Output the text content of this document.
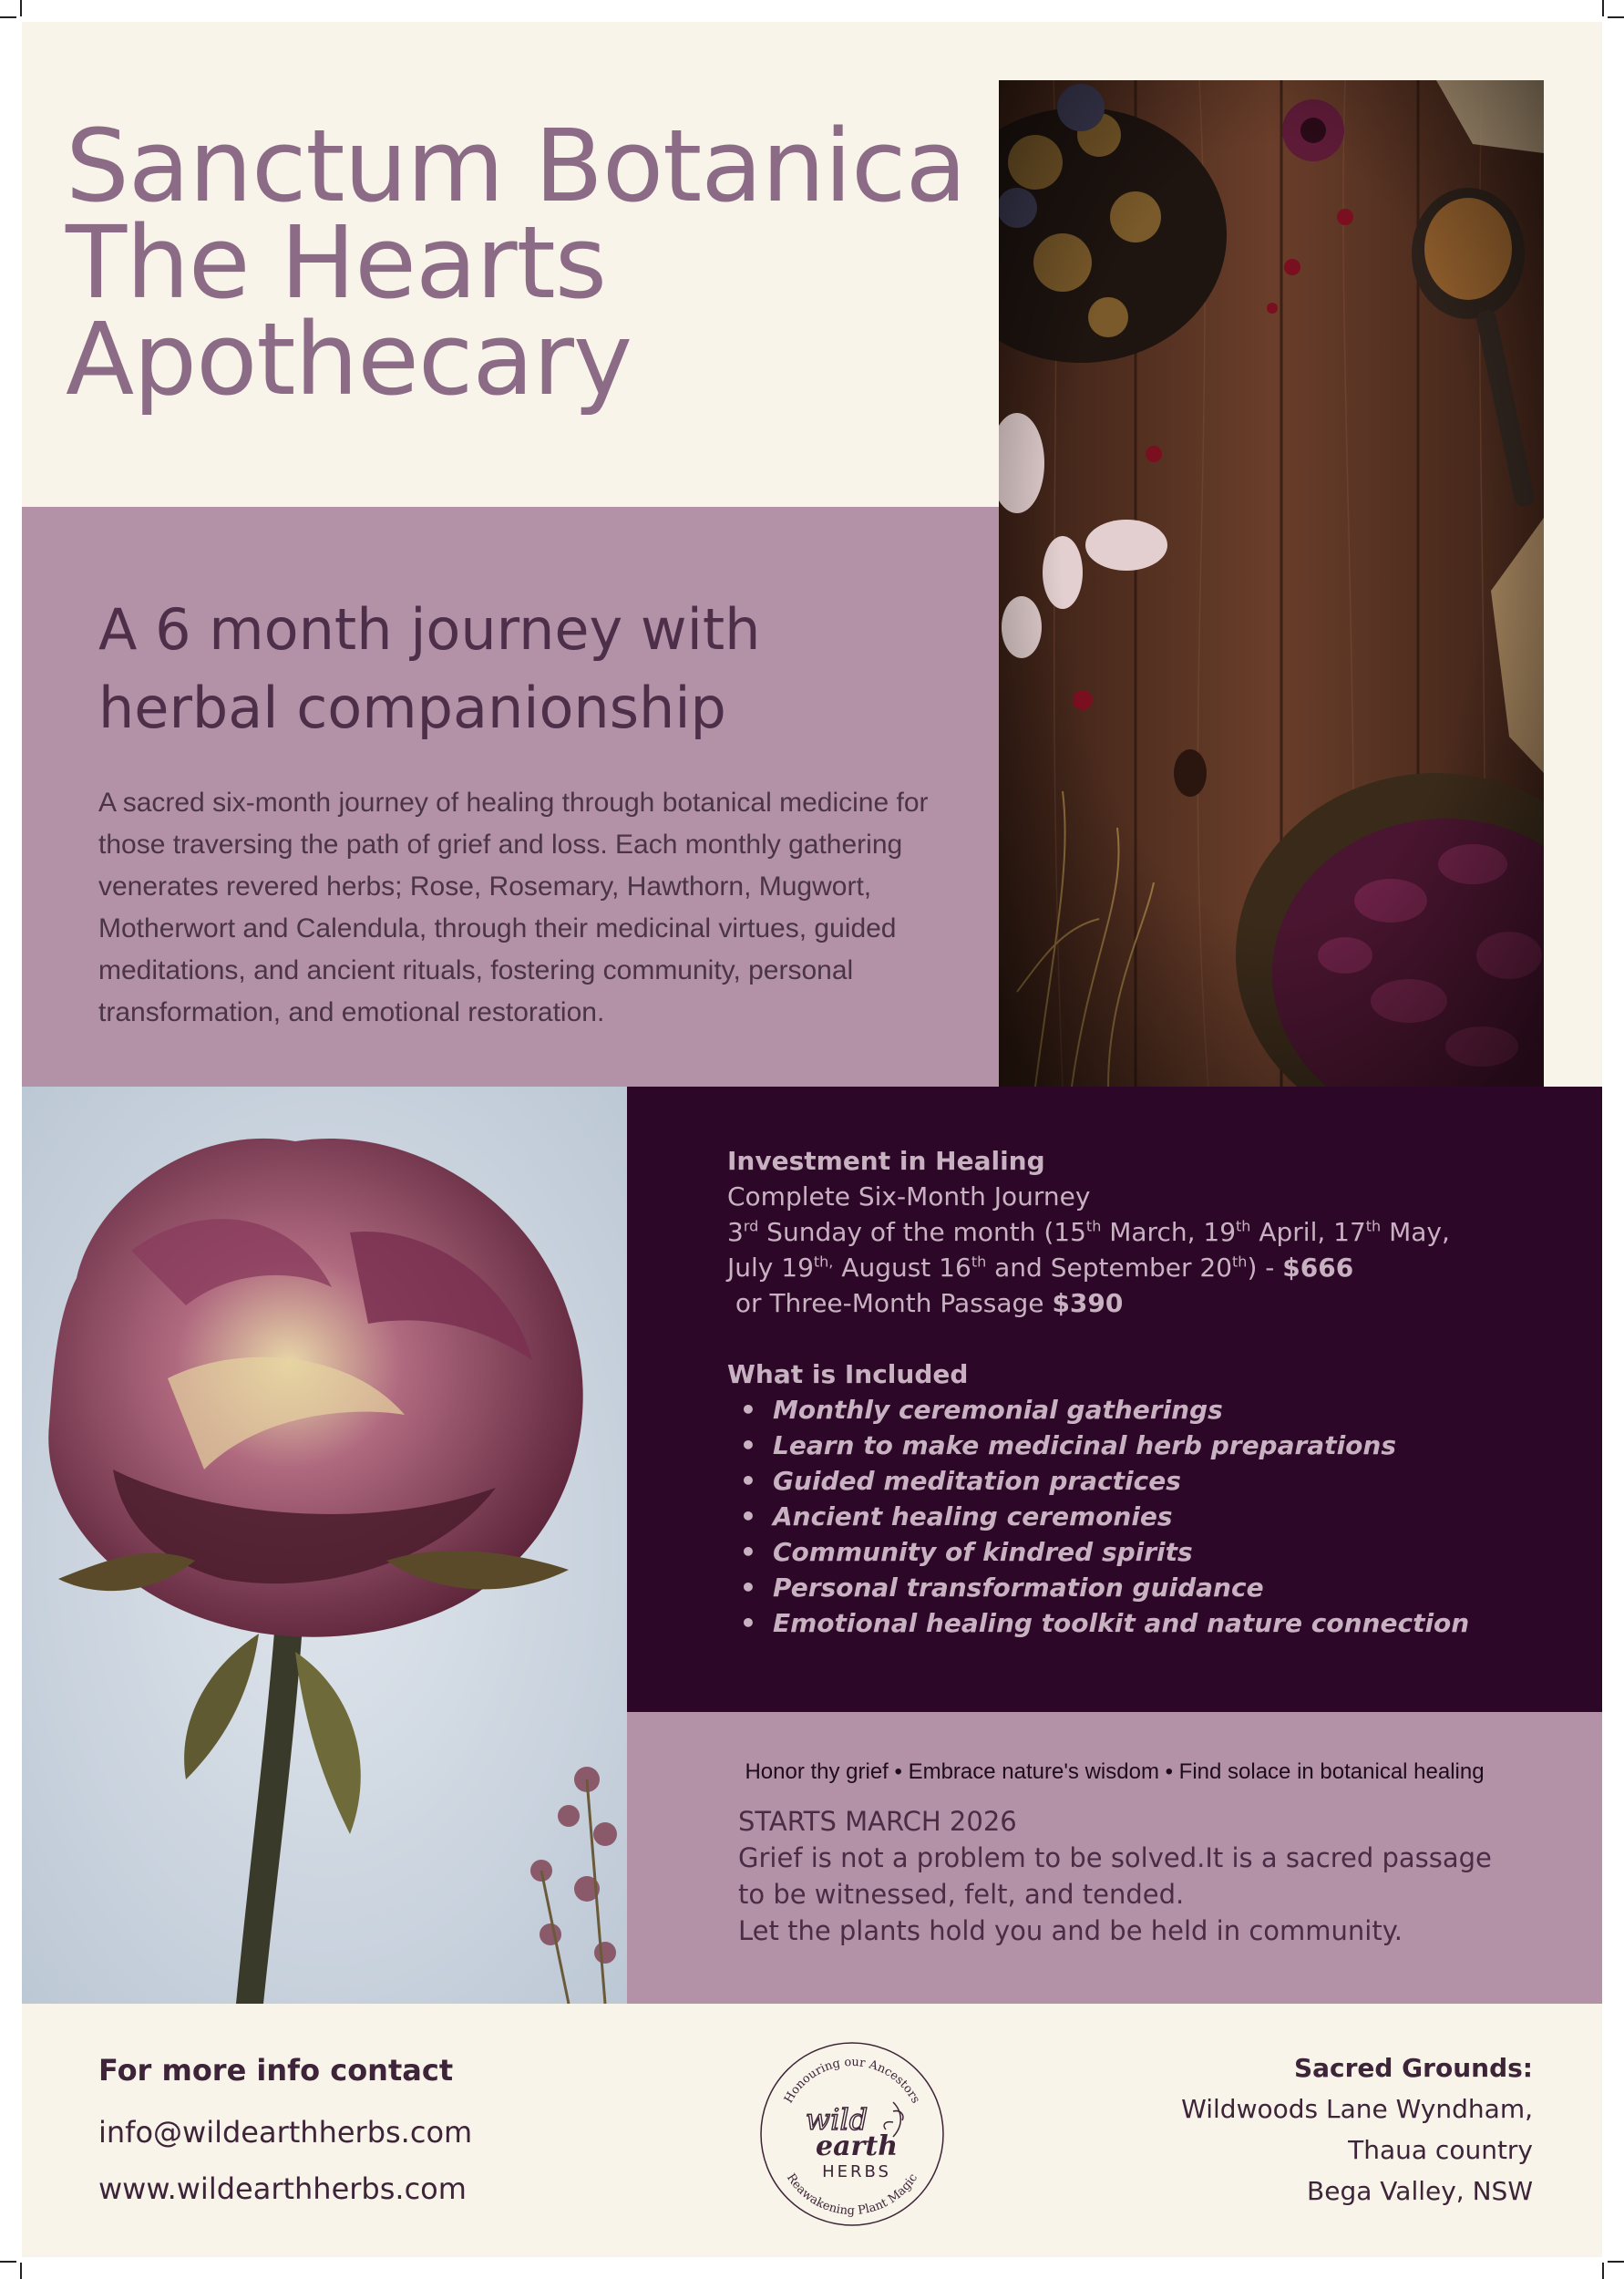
Sanctum Botanica
The Hearts
Apothecary
A 6 month journey with
herbal companionship

A sacred six-month journey of healing through botanical medicine for those traversing the path of grief and loss. Each monthly gathering venerates revered herbs; Rose, Rosemary, Hawthorn, Mugwort, Motherwort and Calendula, through their medicinal virtues, guided meditations, and ancient rituals, fostering community, personal transformation, and emotional restoration.

Investment in Healing
Complete Six-Month Journey
3rd Sunday of the month (15th March, 19th April, 17th May,
July $19^{th,}$ August 16th and September 20th) - $666
or Three-Month Passage $390
What is Included
• Monthly ceremonial gatherings
• Learn to make medicinal herb preparations
• Guided meditation practices
• Ancient healing ceremonies
• Community of kindred spirits
• Personal transformation guidance
• Emotional healing toolkit and nature connection
Honor thy grief • Embrace nature's wisdom • Find solace in botanical healing
STARTS MARCH 2026
Grief is not a problem to be solved.It is a sacred passage
to be witnessed, felt, and tended.
Let the plants hold you and be held in community.
For more info contact
info@wildearthherbs.com
www.wildearthherbs.com
Honouring our Ancestors
Reawakening Plant Magic
wild
earth
HERBS
Sacred Grounds:
Wildwoods Lane Wyndham,
Thaua country
Bega Valley, NSW
